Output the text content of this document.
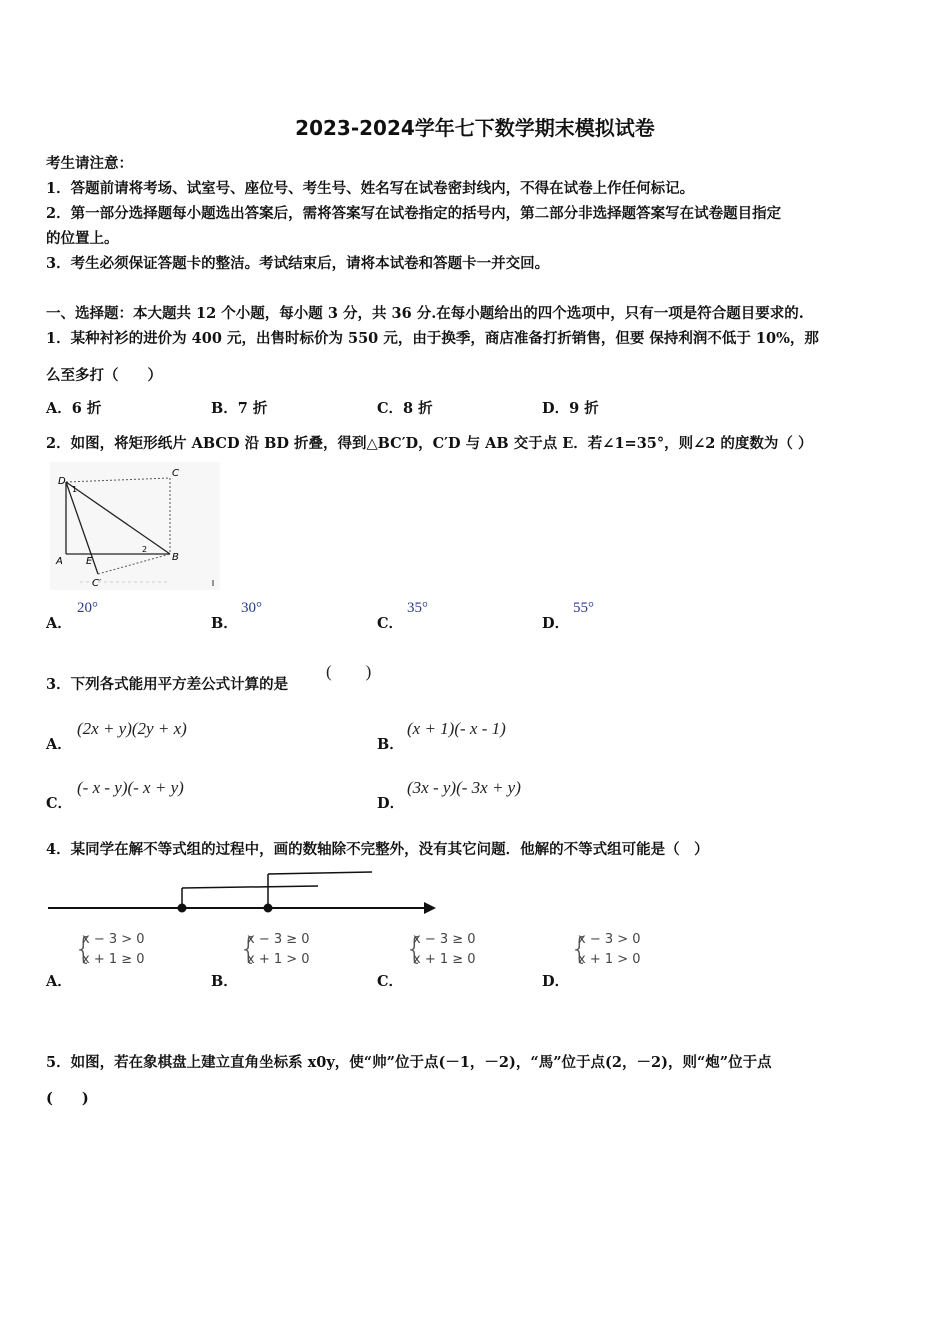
2023-2024学年七下数学期末模拟试卷
考生请注意：
1．答题前请将考场、试室号、座位号、考生号、姓名写在试卷密封线内，不得在试卷上作任何标记。
2．第一部分选择题每小题选出答案后，需将答案写在试卷指定的括号内，第二部分非选择题答案写在试卷题目指定
的位置上。
3．考生必须保证答题卡的整洁。考试结束后，请将本试卷和答题卡一并交回。
一、选择题：本大题共 12 个小题，每小题 3 分，共 36 分.在每小题给出的四个选项中，只有一项是符合题目要求的.
1．某种衬衫的进价为 400 元，出售时标价为 550 元，由于换季，商店准备打折销售，但要 保持利润不低于 10%，那
么至多打（　　）
A．6 折	B．7 折	C．8 折	D．9 折
2．如图，将矩形纸片 ABCD 沿 BD 折叠，得到△BC′D，C′D 与 AB 交于点 E．若∠1=35°，则∠2 的度数为（ ）
D
C
A E	B
C′
1
2
A．
20°
B．
30°
C．
35°
D．
55°
3．下列各式能用平方差公式计算的是
(　　)
A．
(2x + y)(2y + x)
B．
(x + 1)(- x - 1)
C．
(- x - y)(- x + y)
D．
(3x - y)(- 3x + y)
4．某同学在解不等式组的过程中，画的数轴除不完整外，没有其它问题．他解的不等式组可能是（　）
A．
{
x − 3 > 0
x + 1 ≥ 0
B．
{
x − 3 ≥ 0
x + 1 > 0
C．
{
x − 3 ≥ 0
x + 1 ≥ 0
D．
{
x − 3 > 0
x + 1 > 0
5．如图，若在象棋盘上建立直角坐标系 x0y，使“帅”位于点(－1，－2)，“馬”位于点(2，－2)，则“炮”位于点
(　　)
